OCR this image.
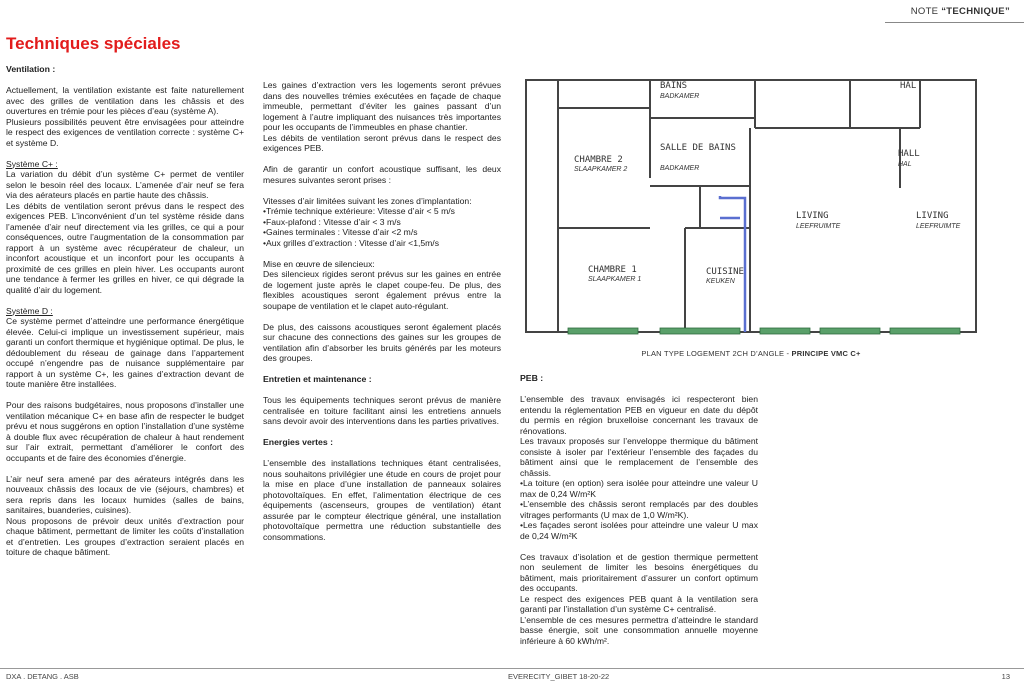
NOTE “TECHNIQUE”
Techniques spéciales
Ventilation :

Actuellement, la ventilation existante est faite naturellement avec des grilles de ventilation dans les châssis et des ouvertures en trémie pour les pièces d’eau (système A).
Plusieurs possibilités peuvent être envisagées pour atteindre le respect des exigences de ventilation correcte : système C+ et système D.

Système C+ :

La variation du débit d’un système C+ permet de ventiler selon le besoin réel des locaux. L’amenée d’air neuf se fera via des aérateurs placés en partie haute des châssis.
Les débits de ventilation seront prévus dans le respect des exigences PEB. L’inconvénient d’un tel système réside dans l’amenée d’air neuf directement via les grilles, ce qui a pour conséquences, outre l’augmentation de la consommation par rapport à un système avec récupérateur de chaleur, un inconfort acoustique et un inconfort pour les occupants à proximité de ces grilles en plein hiver. Les occupants auront une tendance à fermer les grilles en hiver, ce qui dégrade la qualité d’air du logement.

Système D :

Ce système permet d’atteindre une performance énergétique élevée. Celui-ci implique un investissement supérieur, mais garanti un confort thermique et hygiénique optimal. De plus, le dédoublement du réseau de gainage dans l’appartement occupé n’engendre pas de nuisance supplémentaire par rapport à un système C+, les gaines d’extraction devant de toute manière être installées.

Pour des raisons budgétaires, nous proposons d’installer une ventilation mécanique C+ en base afin de respecter le budget prévu et nous suggérons en option l’installation d’une système à double flux avec récupération de chaleur à haut rendement sur l’air extrait, permettant d’améliorer le confort des occupants et de faire des économies d’énergie.

L’air neuf sera amené par des aérateurs intégrés dans les nouveaux châssis des locaux de vie (séjours, chambres) et sera repris dans les locaux humides (salles de bains, sanitaires, buanderies, cuisines).
Nous proposons de prévoir deux unités d’extraction pour chaque bâtiment, permettant de limiter les coûts d’installation et d’entretien. Les groupes d’extraction seraient placés en toiture de chaque bâtiment.

Les gaines d’extraction vers les logements seront prévues dans des nouvelles trémies exécutées en façade de chaque immeuble, permettant d’éviter les gaines passant d’un logement à l’autre impliquant des nuisances très importantes pour les occupants de l’immeubles en phase chantier.
Les débits de ventilation seront prévus dans le respect des exigences PEB.

Afin de garantir un confort acoustique suffisant, les deux mesures suivantes seront prises :

Vitesses d’air limitées suivant les zones d’implantation:
•Trémie technique extérieure: Vitesse d’air < 5 m/s
•Faux-plafond : Vitesse d’air < 3 m/s
•Gaines terminales : Vitesse d’air <2 m/s
•Aux grilles d’extraction : Vitesse d’air <1,5m/s

Mise en œuvre de silencieux:
Des silencieux rigides seront prévus sur les gaines en entrée de logement juste après le clapet coupe-feu. De plus, des flexibles acoustiques seront également prévus entre la soupape de ventilation et le clapet auto-régulant.

De plus, des caissons acoustiques seront également placés sur chacune des connections des gaines sur les groupes de ventilation afin d’absorber les bruits générés par les moteurs des groupes.

Entretien et maintenance :

Tous les équipements techniques seront prévus de manière centralisée en toiture facilitant ainsi les entretiens annuels sans devoir avoir des interventions dans les parties privatives.

Energies vertes :

L’ensemble des installations techniques étant centralisées, nous souhaitons privilégier une étude en cours de projet pour la mise en place d’une installation de panneaux solaires photovoltaïques. En effet, l’alimentation électrique de ces équipements (ascenseurs, groupes de ventilation) étant assurée par le compteur électrique général, une installation photovoltaïque permettra une réduction substantielle des consommations.

BAINS
BADKAMER
HAL
CHAMBRE 2
SLAAPKAMER 2
SALLE DE BAINS
BADKAMER
HALL
HAL
LIVING
LEEFRUIMTE
LIVING
LEEFRUIMTE
CHAMBRE 1
SLAAPKAMER 1
CUISINE
KEUKEN
PLAN TYPE LOGEMENT 2CH D’ANGLE - PRINCIPE VMC C+
PEB :

L’ensemble des travaux envisagés ici respecteront bien entendu la réglementation PEB en vigueur en date du dépôt du permis en région bruxelloise concernant les travaux de rénovations.
Les travaux proposés sur l’enveloppe thermique du bâtiment consiste à isoler par l’extérieur l’ensemble des façades du bâtiment ainsi que le remplacement de l’ensemble des châssis.
•La toiture (en option) sera isolée pour atteindre une valeur U max de 0,24 W/m²K
•L’ensemble des châssis seront remplacés par des doubles vitrages performants (U max de 1,0 W/m²K).
•Les façades seront isolées pour atteindre une valeur U max de 0,24 W/m²K

Ces travaux d’isolation et de gestion thermique permettent non seulement de limiter les besoins énergétiques du bâtiment, mais prioritairement d’assurer un confort optimum des occupants.
Le respect des exigences PEB quant à la ventilation sera garanti par l’installation d’un système C+ centralisé.
L’ensemble de ces mesures permettra d’atteindre le standard basse énergie, soit une consommation annuelle moyenne inférieure à 60 kWh/m².

DXA . DETANG . ASB	EVERECITY_GIBET 18-20-22	13
